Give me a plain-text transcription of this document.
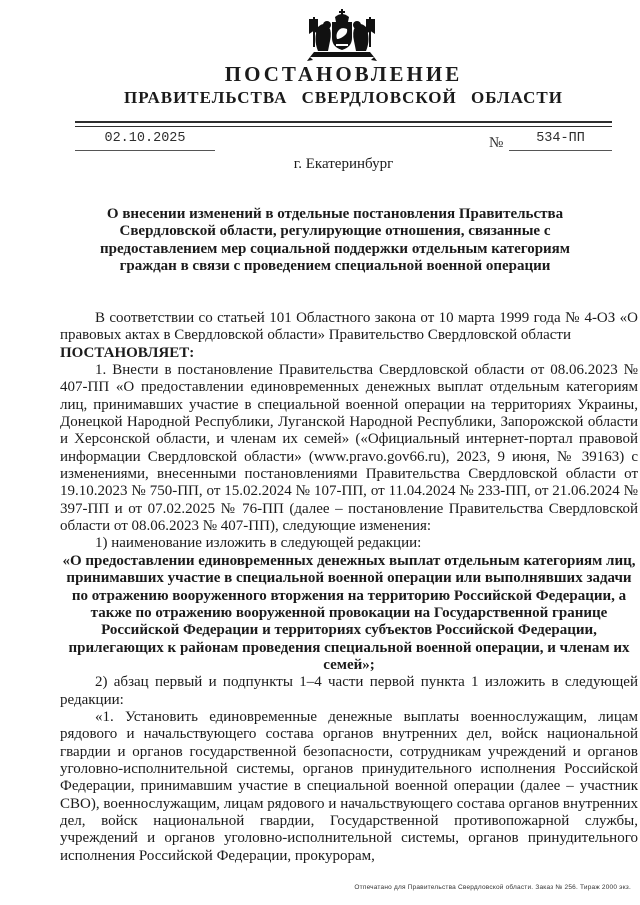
ПОСТАНОВЛЕНИЕ
ПРАВИТЕЛЬСТВА СВЕРДЛОВСКОЙ ОБЛАСТИ
02.10.2025	№	534-ПП
г. Екатеринбург
О внесении изменений в отдельные постановления Правительства Свердловской области, регулирующие отношения, связанные с предоставлением мер социальной поддержки отдельным категориям граждан в связи с проведением специальной военной операции

В соответствии со статьей 101 Областного закона от 10 марта 1999 года № 4-ОЗ «О правовых актах в Свердловской области» Правительство Свердловской области

ПОСТАНОВЛЯЕТ:

1. Внести в постановление Правительства Свердловской области от 08.06.2023 № 407-ПП «О предоставлении единовременных денежных выплат отдельным категориям лиц, принимавших участие в специальной военной операции на территориях Украины, Донецкой Народной Республики, Луганской Народной Республики, Запорожской области и Херсонской области, и членам их семей» («Официальный интернет-портал правовой информации Свердловской области» (www.pravo.gov66.ru), 2023, 9 июня, № 39163) с изменениями, внесенными постановлениями Правительства Свердловской области от 19.10.2023 № 750-ПП, от 15.02.2024 № 107-ПП, от 11.04.2024 № 233-ПП, от 21.06.2024 № 397-ПП и от 07.02.2025 № 76-ПП (далее – постановление Правительства Свердловской области от 08.06.2023 № 407-ПП), следующие изменения:

1) наименование изложить в следующей редакции:

«О предоставлении единовременных денежных выплат отдельным категориям лиц, принимавших участие в специальной военной операции или выполнявших задачи по отражению вооруженного вторжения на территорию Российской Федерации, а также по отражению вооруженной провокации на Государственной границе Российской Федерации и территориях субъектов Российской Федерации, прилегающих к районам проведения специальной военной операции, и членам их семей»;

2) абзац первый и подпункты 1–4 части первой пункта 1 изложить в следующей редакции:

«1. Установить единовременные денежные выплаты военнослужащим, лицам рядового и начальствующего состава органов внутренних дел, войск национальной гвардии и органов государственной безопасности, сотрудникам учреждений и органов уголовно-исполнительной системы, органов принудительного исполнения Российской Федерации, принимавшим участие в специальной военной операции (далее – участник СВО), военнослужащим, лицам рядового и начальствующего состава органов внутренних дел, войск национальной гвардии, Государственной противопожарной службы, учреждений и органов уголовно-исполнительной системы, органов принудительного исполнения Российской Федерации, прокурорам,

Отпечатано для Правительства Свердловской области. Заказ № 256. Тираж 2000 экз.
